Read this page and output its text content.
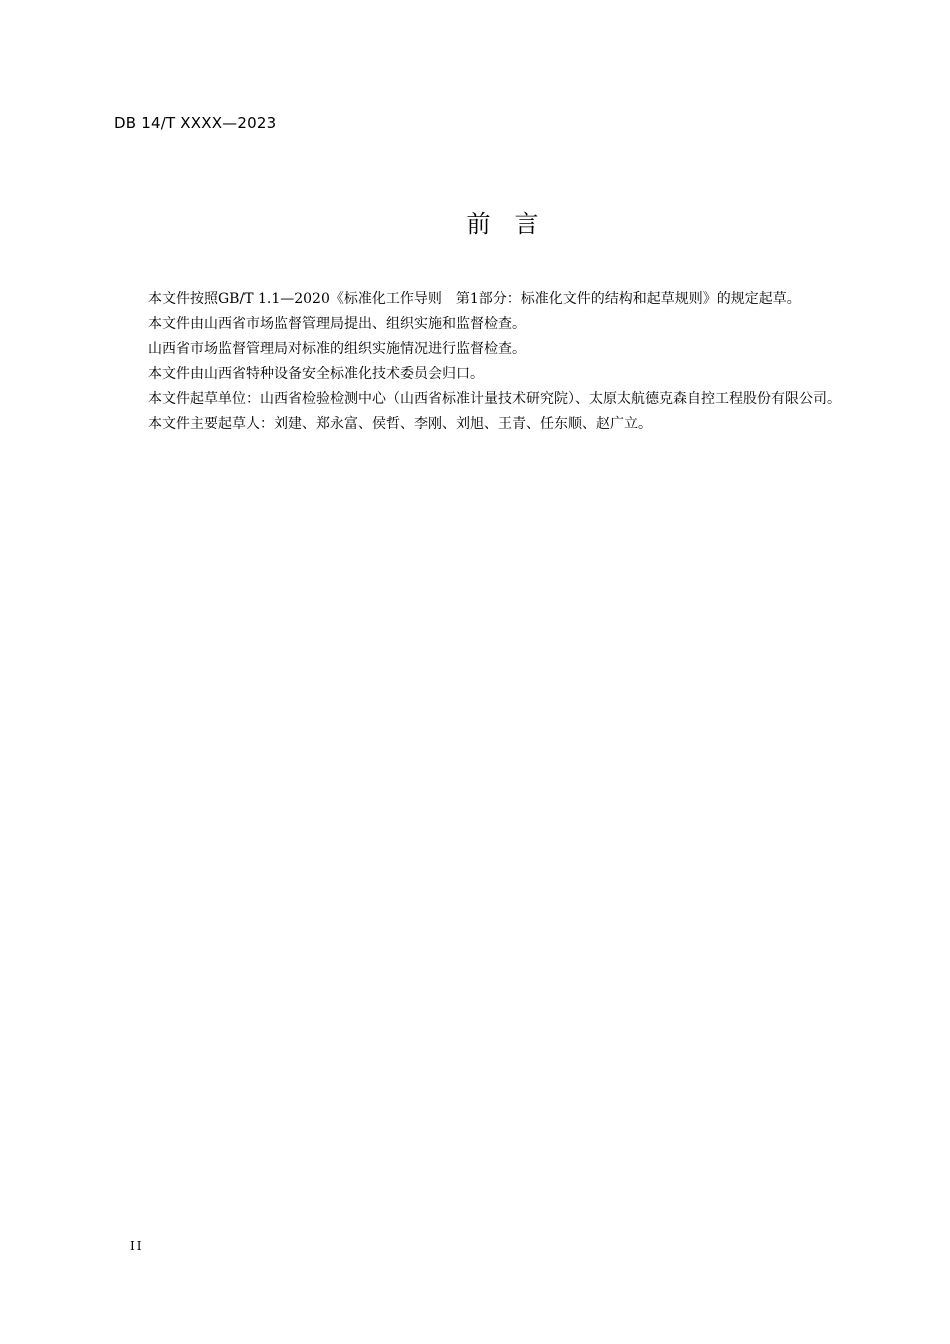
DB 14/T XXXX—2023
前　言

本文件按照GB/T 1.1—2020《标准化工作导则　第1部分：标准化文件的结构和起草规则》的规定起草。

本文件由山西省市场监督管理局提出、组织实施和监督检查。

山西省市场监督管理局对标准的组织实施情况进行监督检查。

本文件由山西省特种设备安全标准化技术委员会归口。

本文件起草单位：山西省检验检测中心（山西省标准计量技术研究院）、太原太航德克森自控工程股份有限公司。

本文件主要起草人：刘建、郑永富、侯哲、李刚、刘旭、王青、任东顺、赵广立。

II
